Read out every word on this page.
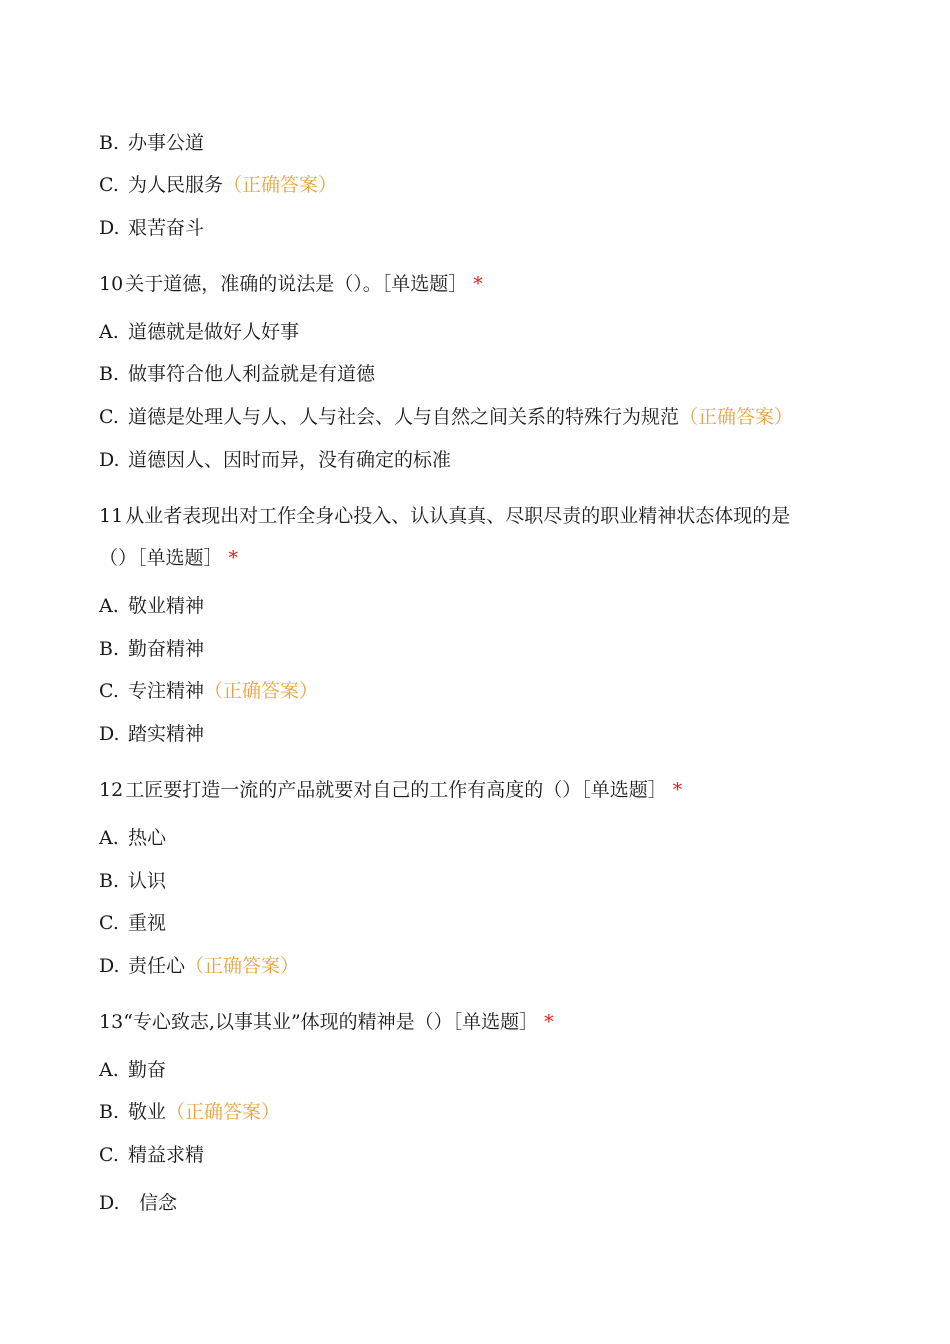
B. 办事公道
C. 为人民服务（正确答案）
D. 艰苦奋斗
10 关于道德，准确的说法是（）。［单选题］ *
A. 道德就是做好人好事
B. 做事符合他人利益就是有道德
C. 道德是处理人与人、人与社会、人与自然之间关系的特殊行为规范（正确答案）
D. 道德因人、因时而异，没有确定的标准
11 从业者表现出对工作全身心投入、认认真真、尽职尽责的职业精神状态体现的是
（）［单选题］ *
A. 敬业精神
B. 勤奋精神
C. 专注精神（正确答案）
D. 踏实精神
12 工匠要打造一流的产品就要对自己的工作有高度的（）［单选题］ *
A. 热心
B. 认识
C. 重视
D. 责任心（正确答案）
13“专心致志,以事其业”体现的精神是（）［单选题］ *
A. 勤奋
B. 敬业（正确答案）
C. 精益求精
D. 信念
